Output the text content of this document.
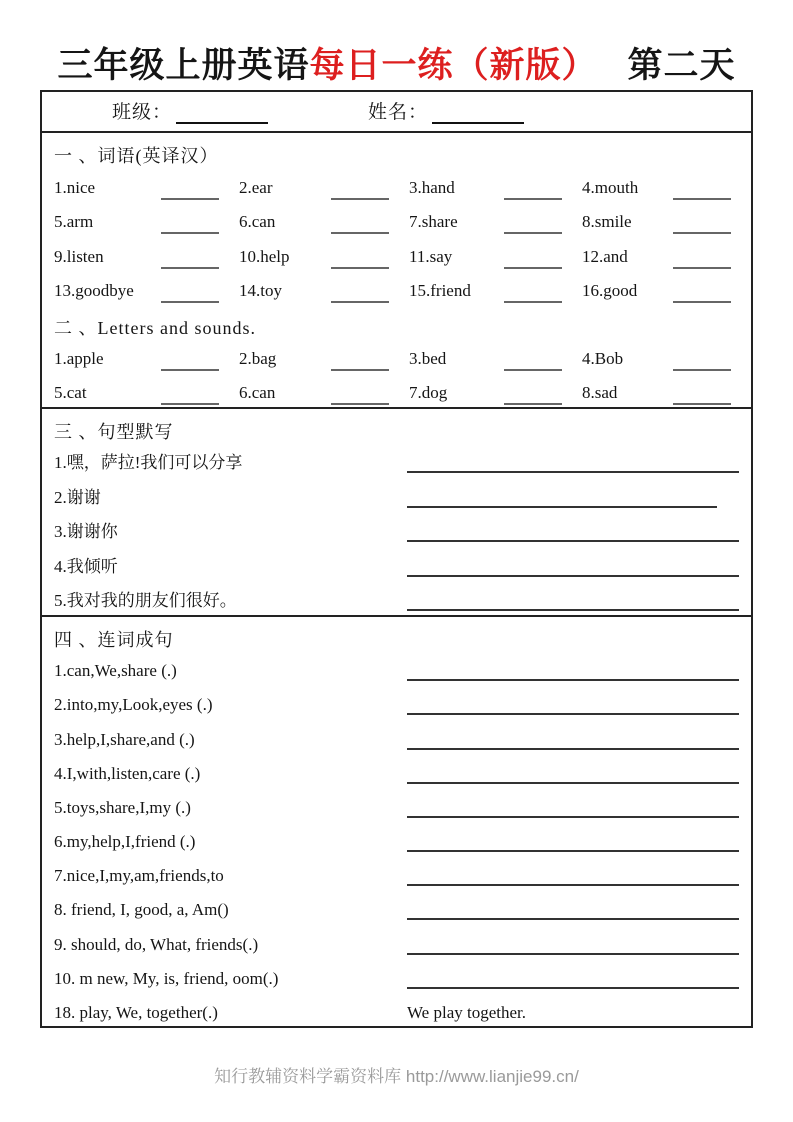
三年级上册英语每日一练（新版） 第二天
班级：	姓名：
一 、词语(英译汉）
1.nice	2.ear	3.hand	4.mouth
5.arm	6.can	7.share	8.smile
9.listen	10.help	11.say	12.and
13.goodbye	14.toy	15.friend	16.good
二 、Letters and sounds.
1.apple	2.bag	3.bed	4.Bob
5.cat	6.can	7.dog	8.sad
三 、句型默写
1.嘿，萨拉!我们可以分享
2.谢谢
3.谢谢你
4.我倾听
5.我对我的朋友们很好。
四 、连词成句
1.can,We,share (.)
2.into,my,Look,eyes (.)
3.help,I,share,and (.)
4.I,with,listen,care (.)
5.toys,share,I,my (.)
6.my,help,I,friend (.)
7.nice,I,my,am,friends,to
8. friend, I, good, a, Am()
9. should, do, What, friends(.)
10. m new, My, is, friend, oom(.)
18. play, We, together(.)	We play together.
知行教辅资料学霸资料库 http://www.lianjie99.cn/
